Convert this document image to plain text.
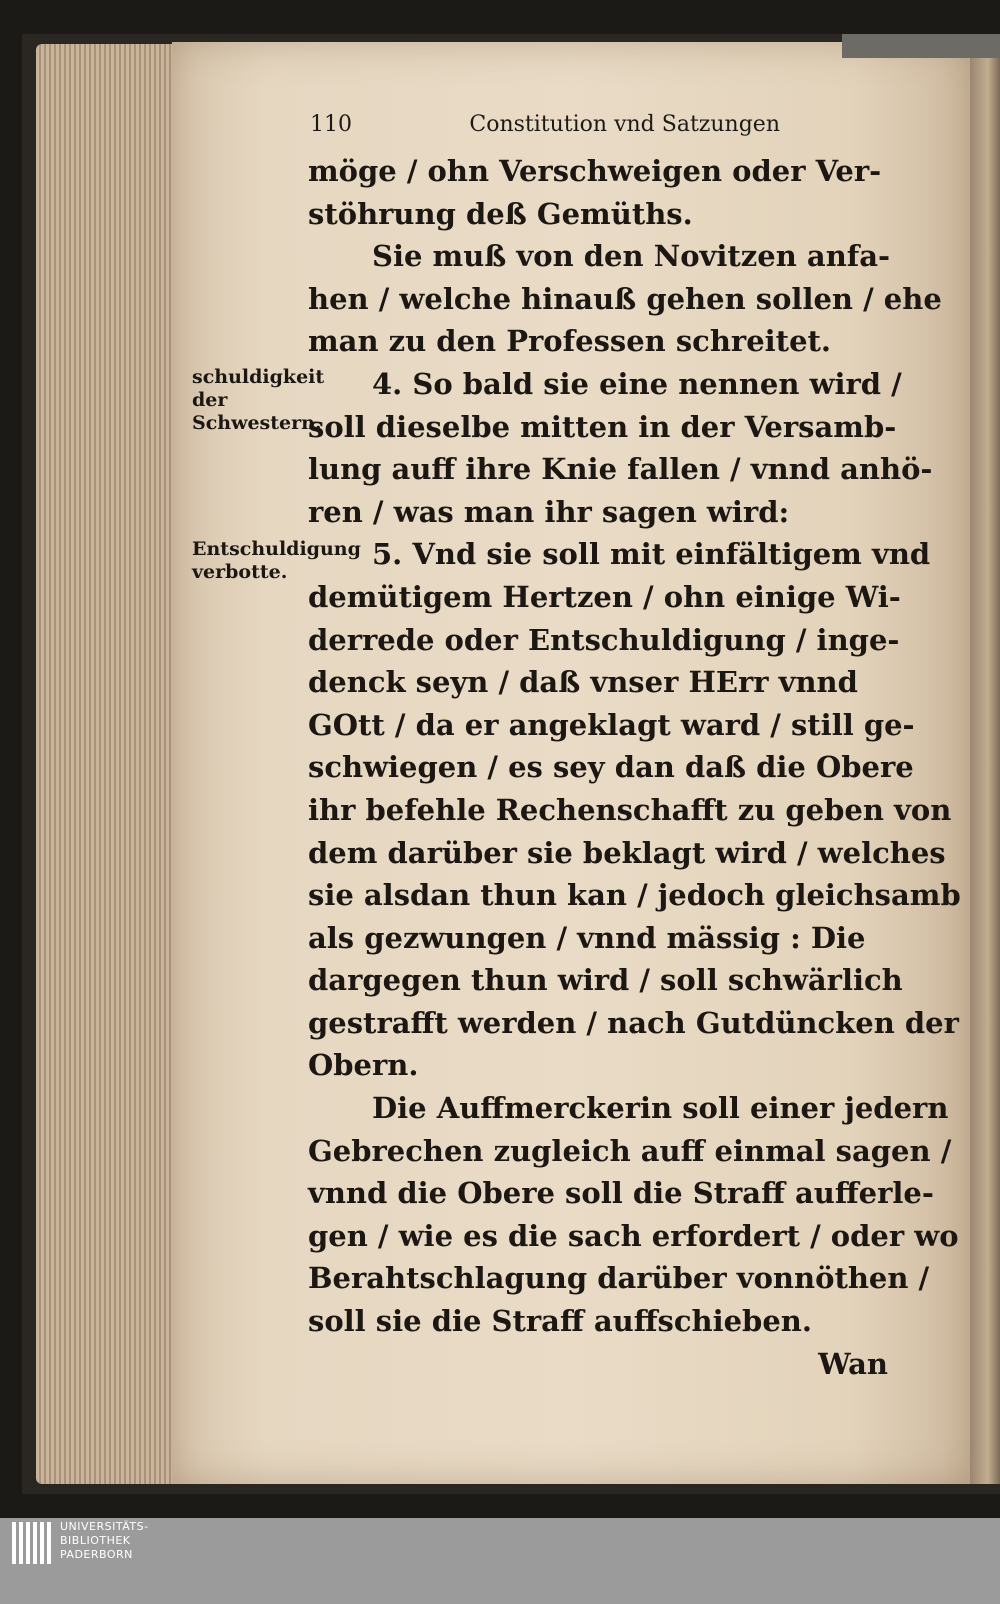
110	Constitution vnd Satzungen
schuldigkeit der Schwestern.
Entschuldigung verbotte.
möge / ohn Verschweigen oder Ver-
stöhrung deß Gemüths.
Sie muß von den Novitzen anfa-
hen / welche hinauß gehen sollen / ehe
man zu den Professen schreitet.
4. So bald sie eine nennen wird /
soll dieselbe mitten in der Versamb-
lung auff ihre Knie fallen / vnnd anhö-
ren / was man ihr sagen wird:
5. Vnd sie soll mit einfältigem vnd
demütigem Hertzen / ohn einige Wi-
derrede oder Entschuldigung / inge-
denck seyn / daß vnser HErr vnnd
GOtt / da er angeklagt ward / still ge-
schwiegen / es sey dan daß die Obere
ihr befehle Rechenschafft zu geben von
dem darüber sie beklagt wird / welches
sie alsdan thun kan / jedoch gleichsamb
als gezwungen / vnnd mässig : Die
dargegen thun wird / soll schwärlich
gestrafft werden / nach Gutdüncken der
Obern.
Die Auffmerckerin soll einer jedern
Gebrechen zugleich auff einmal sagen /
vnnd die Obere soll die Straff aufferle-
gen / wie es die sach erfordert / oder wo
Berahtschlagung darüber vonnöthen /
soll sie die Straff auffschieben.
Wan
UNIVERSITÄTS-
BIBLIOTHEK
PADERBORN
